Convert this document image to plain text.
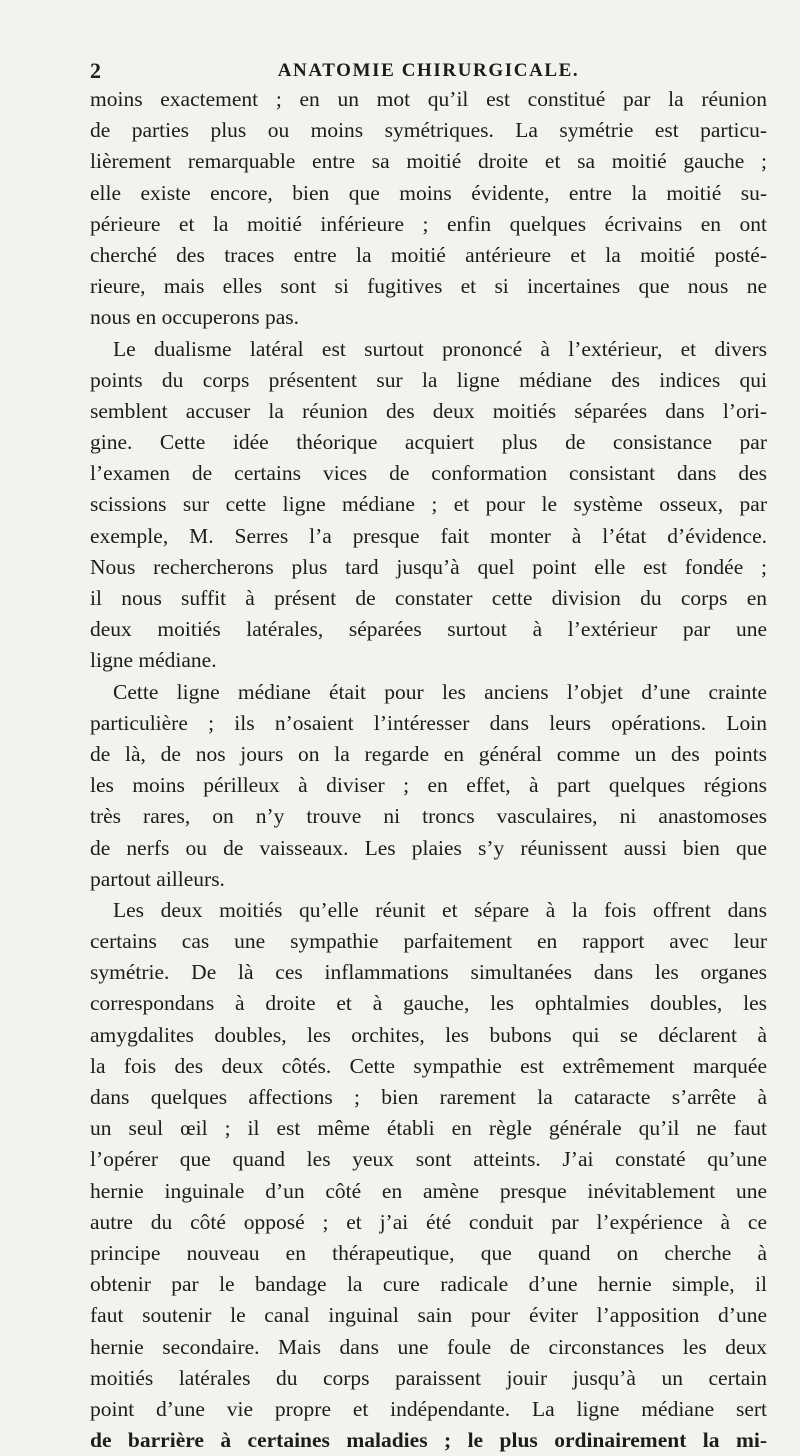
2	ANATOMIE CHIRURGICALE.
moins exactement ; en un mot qu’il est constitué par la réunion
de parties plus ou moins symétriques. La symétrie est particu-
lièrement remarquable entre sa moitié droite et sa moitié gauche ;
elle existe encore, bien que moins évidente, entre la moitié su-
périeure et la moitié inférieure ; enfin quelques écrivains en ont
cherché des traces entre la moitié antérieure et la moitié posté-
rieure, mais elles sont si fugitives et si incertaines que nous ne
nous en occuperons pas.
Le dualisme latéral est surtout prononcé à l’extérieur, et divers
points du corps présentent sur la ligne médiane des indices qui
semblent accuser la réunion des deux moitiés séparées dans l’ori-
gine. Cette idée théorique acquiert plus de consistance par
l’examen de certains vices de conformation consistant dans des
scissions sur cette ligne médiane ; et pour le système osseux, par
exemple, M. Serres l’a presque fait monter à l’état d’évidence.
Nous rechercherons plus tard jusqu’à quel point elle est fondée ;
il nous suffit à présent de constater cette division du corps en
deux moitiés latérales, séparées surtout à l’extérieur par une
ligne médiane.
Cette ligne médiane était pour les anciens l’objet d’une crainte
particulière ; ils n’osaient l’intéresser dans leurs opérations. Loin
de là, de nos jours on la regarde en général comme un des points
les moins périlleux à diviser ; en effet, à part quelques régions
très rares, on n’y trouve ni troncs vasculaires, ni anastomoses
de nerfs ou de vaisseaux. Les plaies s’y réunissent aussi bien que
partout ailleurs.
Les deux moitiés qu’elle réunit et sépare à la fois offrent dans
certains cas une sympathie parfaitement en rapport avec leur
symétrie. De là ces inflammations simultanées dans les organes
correspondans à droite et à gauche, les ophtalmies doubles, les
amygdalites doubles, les orchites, les bubons qui se déclarent à
la fois des deux côtés. Cette sympathie est extrêmement marquée
dans quelques affections ; bien rarement la cataracte s’arrête à
un seul œil ; il est même établi en règle générale qu’il ne faut
l’opérer que quand les yeux sont atteints. J’ai constaté qu’une
hernie inguinale d’un côté en amène presque inévitablement une
autre du côté opposé ; et j’ai été conduit par l’expérience à ce
principe nouveau en thérapeutique, que quand on cherche à
obtenir par le bandage la cure radicale d’une hernie simple, il
faut soutenir le canal inguinal sain pour éviter l’apposition d’une
hernie secondaire. Mais dans une foule de circonstances les deux
moitiés latérales du corps paraissent jouir jusqu’à un certain
point d’une vie propre et indépendante. La ligne médiane sert
de barrière à certaines maladies ; le plus ordinairement la mi-
